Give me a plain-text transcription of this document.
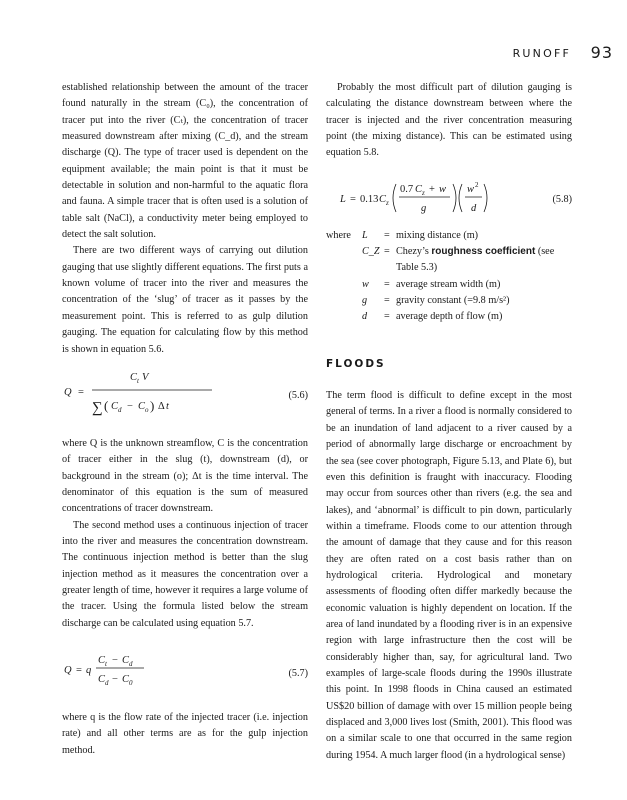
RUNOFF 93

established relationship between the amount of the tracer found naturally in the stream (C₀), the concentration of tracer put into the river (Cₜ), the concentration of tracer measured downstream after mixing (C_d), and the stream discharge (Q). The type of tracer used is dependent on the equipment available; the main point is that it must be detectable in solution and non-harmful to the aquatic flora and fauna. A simple tracer that is often used is a solution of table salt (NaCl), a conductivity meter being employed to detect the salt solution.

There are two different ways of carrying out dilution gauging that use slightly different equations. The first puts a known volume of tracer into the river and measures the concentration of the ‘slug’ of tracer as it passes by the measurement point. This is referred to as gulp dilution gauging. The equation for calculating flow by this method is shown in equation 5.6.

Q =
C t V
∑ ( C d − C o ) Δ t
(5.6)

where Q is the unknown streamflow, C is the concentration of tracer either in the slug (t), downstream (d), or background in the stream (o); Δt is the time interval. The denominator of this equation is the sum of measured concentrations of tracer downstream.

The second method uses a continuous injection of tracer into the river and measures the concentration downstream. The continuous injection method is better than the slug injection method as it measures the concentration over a greater length of time, however it requires a large volume of the tracer. Using the formula listed below the stream discharge can be calculated using equation 5.7.

Q = q
C t − C d
C d − C 0
(5.7)

where q is the flow rate of the injected tracer (i.e. injection rate) and all other terms are as for the gulp injection method.

Probably the most difficult part of dilution gauging is calculating the distance downstream between where the tracer is injected and the river concentration measuring point (the mixing distance). This can be estimated using equation 5.8.

L = 0.13 C z
0.7 C z + w
g
w 2
d
(5.8)
where	L	= mixing distance (m)
C_Z = Chezy’s roughness coefficient (see Table 5.3)
w	= average stream width (m)
g	= gravity constant (=9.8 m/s²)
d	= average depth of flow (m)
FLOODS

The term flood is difficult to define except in the most general of terms. In a river a flood is normally considered to be an inundation of land adjacent to a river caused by a period of abnormally large discharge or encroachment by the sea (see cover photograph, Figure 5.13, and Plate 6), but even this definition is fraught with inaccuracy. Flooding may occur from sources other than rivers (e.g. the sea and lakes), and ‘abnormal’ is difficult to pin down, particularly within a timeframe. Floods come to our attention through the amount of damage that they cause and for this reason they are often rated on a cost basis rather than on hydrological criteria. Hydrological and monetary assessments of flooding often differ markedly because the economic valuation is highly dependent on location. If the area of land inundated by a flooding river is in an expensive region with large infrastructure then the cost will be considerably higher than, say, for agricultural land. Two examples of large-scale floods during the 1990s illustrate this point. In 1998 floods in China caused an estimated US$20 billion of damage with over 15 million people being displaced and 3,000 lives lost (Smith, 2001). This flood was on a similar scale to one that occurred in the same region during 1954. A much larger flood (in a hydrological sense)
